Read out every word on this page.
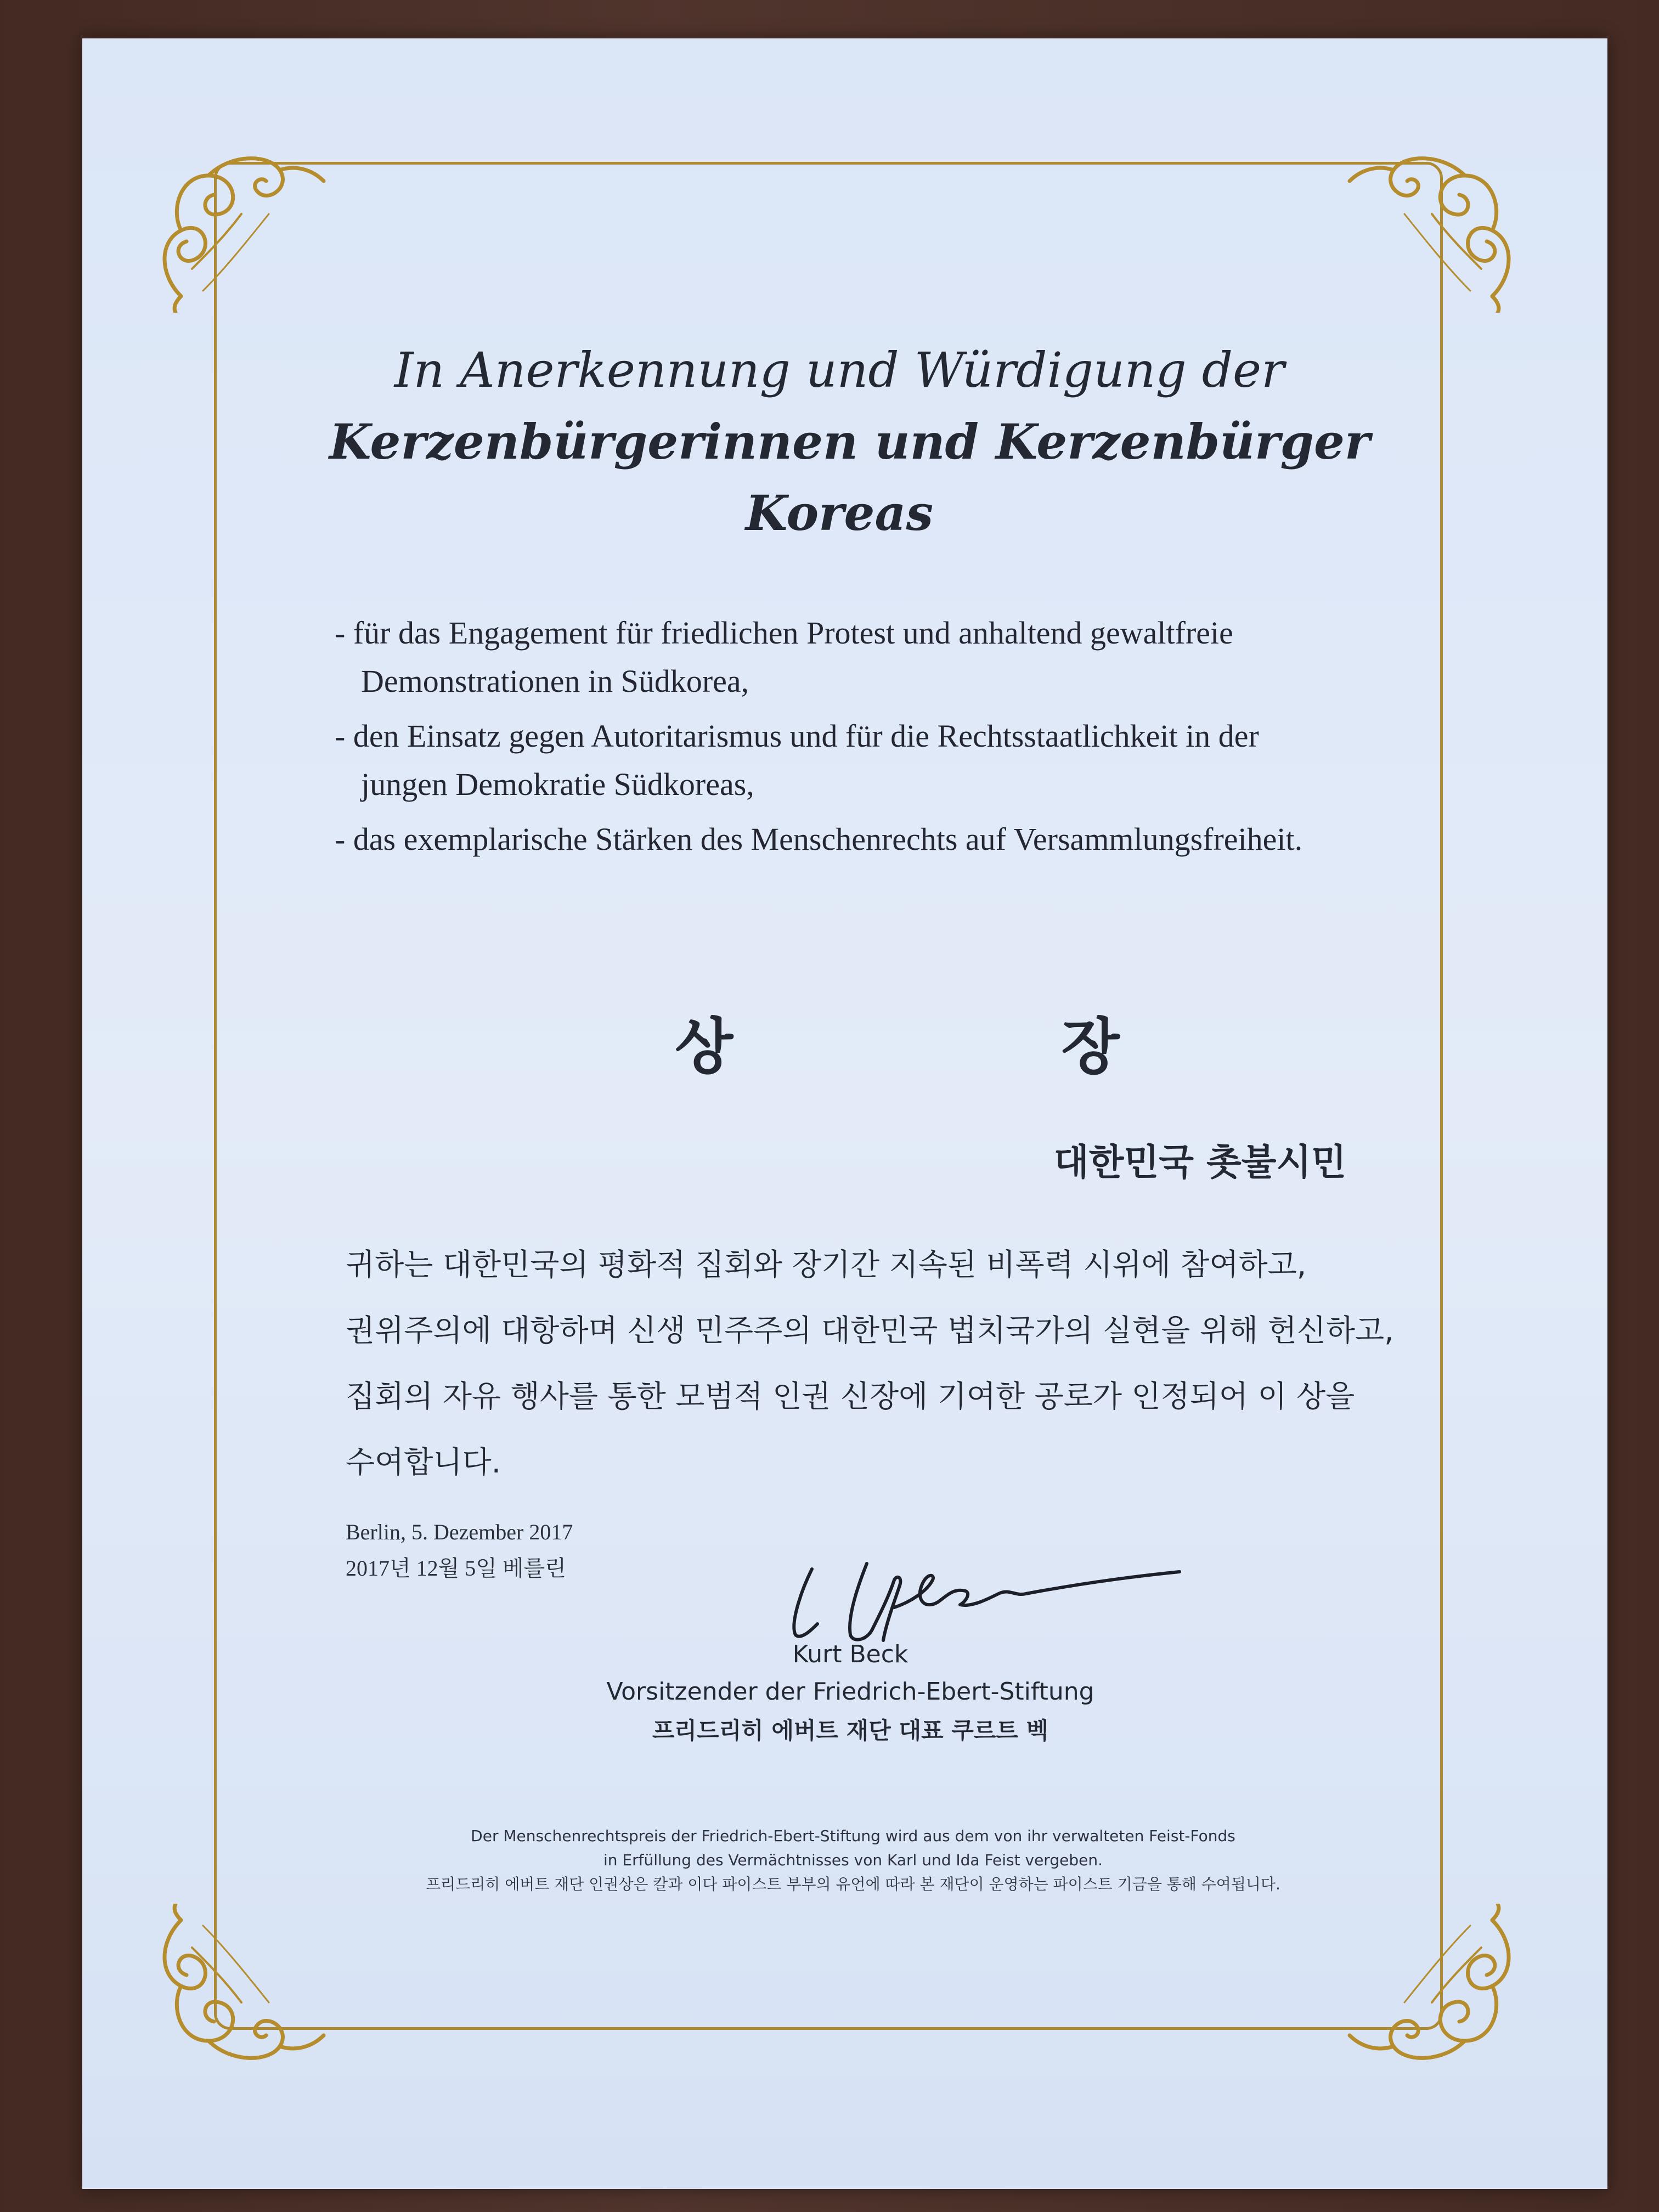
In Anerkennung und Würdigung der
Kerzenbürgerinnen und Kerzenbürger
Koreas
- für das Engagement für friedlichen Protest und anhaltend gewaltfreie
Demonstrationen in Südkorea,
- den Einsatz gegen Autoritarismus und für die Rechtsstaatlichkeit in der
jungen Demokratie Südkoreas,
- das exemplarische Stärken des Menschenrechts auf Versammlungsfreiheit.
상 장
대한민국 촛불시민
귀하는 대한민국의 평화적 집회와 장기간 지속된 비폭력 시위에 참여하고,
권위주의에 대항하며 신생 민주주의 대한민국 법치국가의 실현을 위해 헌신하고,
집회의 자유 행사를 통한 모범적 인권 신장에 기여한 공로가 인정되어 이 상을
수여합니다.
Berlin, 5. Dezember 2017
2017년 12월 5일 베를린
Kurt Beck
Vorsitzender der Friedrich-Ebert-Stiftung
프리드리히 에버트 재단 대표 쿠르트 벡
Der Menschenrechtspreis der Friedrich-Ebert-Stiftung wird aus dem von ihr verwalteten Feist-Fonds
in Erfüllung des Vermächtnisses von Karl und Ida Feist vergeben.
프리드리히 에버트 재단 인권상은 칼과 이다 파이스트 부부의 유언에 따라 본 재단이 운영하는 파이스트 기금을 통해 수여됩니다.
